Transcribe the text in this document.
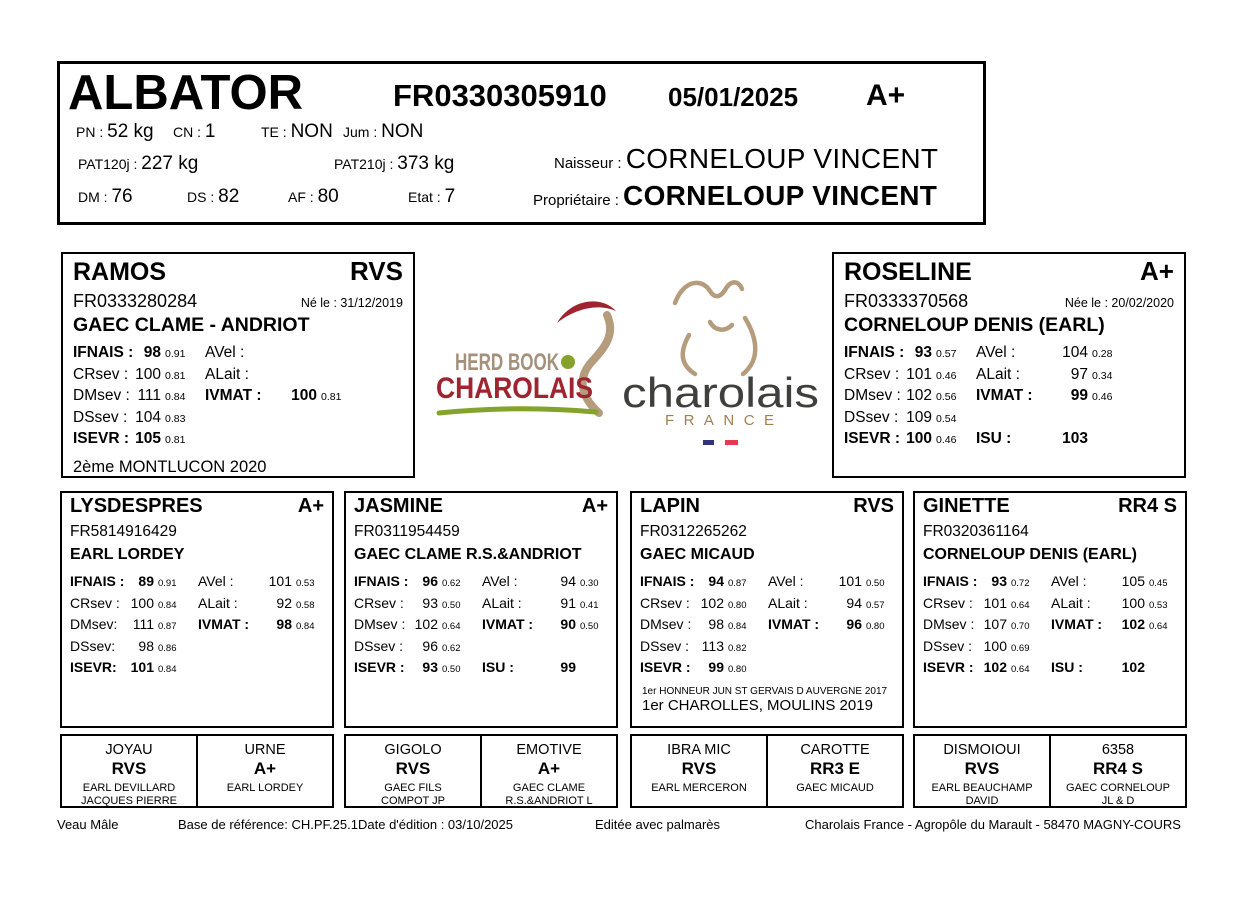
ALBATOR	FR0330305910 05/01/2025 A+
PN : 52 kg CN : 1	TE : NON Jum : NON
PAT120j : 227 kg	PAT210j : 373 kg	Naisseur : CORNELOUP VINCENT
DM : 76	DS : 82	AF : 80	Etat : 7	Propriétaire : CORNELOUP VINCENT
HERD BOOK
CHAROLAIS charolais
FRANCE
RAMOS	RVS
FR0333280284	Né le : 31/12/2019
GAEC CLAME - ANDRIOT
IFNAIS : 98 0.91	AVel :
CRsev : 100 0.81	ALait :
DMsev : 111 0.84	IVMAT :	100 0.81
DSsev : 104 0.83
ISEVR : 105 0.81
2ème MONTLUCON 2020
ROSELINE	A+
FR0333370568	Née le : 20/02/2020
CORNELOUP DENIS (EARL)
IFNAIS : 93 0.57	AVel :	104 0.28
CRsev : 101 0.46	ALait :	97 0.34
DMsev : 102 0.56	IVMAT :	99 0.46
DSsev : 109 0.54
ISEVR : 100 0.46	ISU :	103
LYSDESPRES	A+
FR5814916429
EARL LORDEY
IFNAIS : 89 0.91	AVel :	101 0.53
CRsev : 100 0.84	ALait :	92 0.58
DMsev:	111 0.87	IVMAT :	98 0.84
DSsev:	98 0.86
ISEVR: 101 0.84
JASMINE	A+
FR0311954459
GAEC CLAME R.S.&ANDRIOT
IFNAIS : 96 0.62	AVel :	94 0.30
CRsev :	93 0.50	ALait :	91 0.41
DMsev : 102 0.64	IVMAT :	90 0.50
DSsev :	96 0.62
ISEVR :	93 0.50	ISU :	99
LAPIN	RVS
FR0312265262
GAEC MICAUD
IFNAIS : 94 0.87	AVel :	101 0.50
CRsev : 102 0.80	ALait :	94 0.57
DMsev :	98 0.84	IVMAT :	96 0.80
DSsev : 113 0.82
ISEVR :	99 0.80
1er HONNEUR JUN ST GERVAIS D AUVERGNE 2017
1er CHAROLLES, MOULINS 2019
GINETTE	RR4 S
FR0320361164
CORNELOUP DENIS (EARL)
IFNAIS : 93 0.72	AVel :	105 0.45
CRsev : 101 0.64	ALait :	100 0.53
DMsev : 107 0.70	IVMAT :	102 0.64
DSsev : 100 0.69
ISEVR : 102 0.64	ISU :	102
JOYAU
RVS
EARL DEVILLARD
JACQUES PIERRE
URNE
A+
EARL LORDEY
GIGOLO
RVS
GAEC FILS
COMPOT JP
EMOTIVE
A+
GAEC CLAME
R.S.&ANDRIOT L
IBRA MIC
RVS
EARL MERCERON
CAROTTE
RR3 E
GAEC MICAUD
DISMOIOUI
RVS
EARL BEAUCHAMP
DAVID
6358
RR4 S
GAEC CORNELOUP
JL & D
Veau Mâle	Base de référence: CH.PF.25.1 Date d'édition : 03/10/2025	Editée avec palmarès	Charolais France - Agropôle du Marault - 58470 MAGNY-COURS
